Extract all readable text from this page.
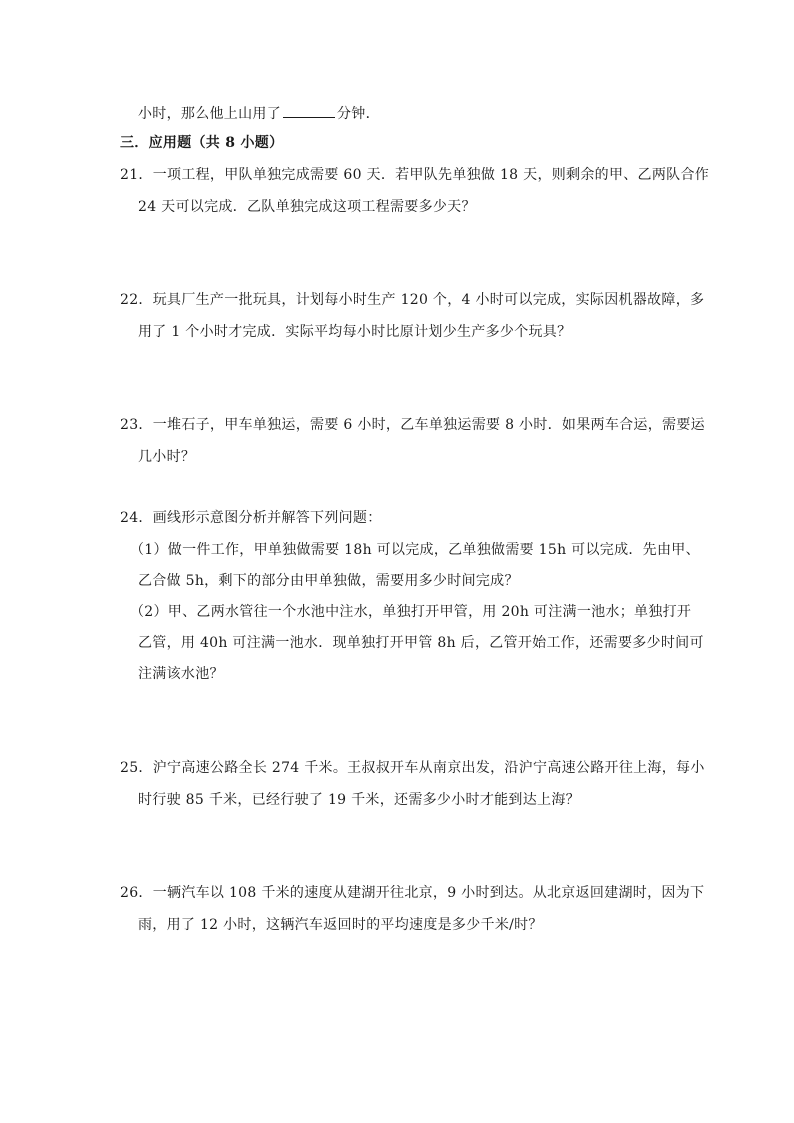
小时，那么他上山用了	分钟．
三．应用题（共 8 小题）
21．一项工程，甲队单独完成需要 60 天．若甲队先单独做 18 天，则剩余的甲、乙两队合作
24 天可以完成．乙队单独完成这项工程需要多少天？
22．玩具厂生产一批玩具，计划每小时生产 120 个，4 小时可以完成，实际因机器故障，多
用了 1 个小时才完成．实际平均每小时比原计划少生产多少个玩具？
23．一堆石子，甲车单独运，需要 6 小时，乙车单独运需要 8 小时．如果两车合运，需要运
几小时？
24．画线形示意图分析并解答下列问题：
（1）做一件工作，甲单独做需要 18h 可以完成，乙单独做需要 15h 可以完成．先由甲、
乙合做 5h，剩下的部分由甲单独做，需要用多少时间完成？
（2）甲、乙两水管往一个水池中注水，单独打开甲管，用 20h 可注满一池水；单独打开
乙管，用 40h 可注满一池水．现单独打开甲管 8h 后，乙管开始工作，还需要多少时间可
注满该水池？
25．沪宁高速公路全长 274 千米。王叔叔开车从南京出发，沿沪宁高速公路开往上海，每小
时行驶 85 千米，已经行驶了 19 千米，还需多少小时才能到达上海？
26．一辆汽车以 108 千米的速度从建湖开往北京，9 小时到达。从北京返回建湖时，因为下
雨，用了 12 小时，这辆汽车返回时的平均速度是多少千米/时？
